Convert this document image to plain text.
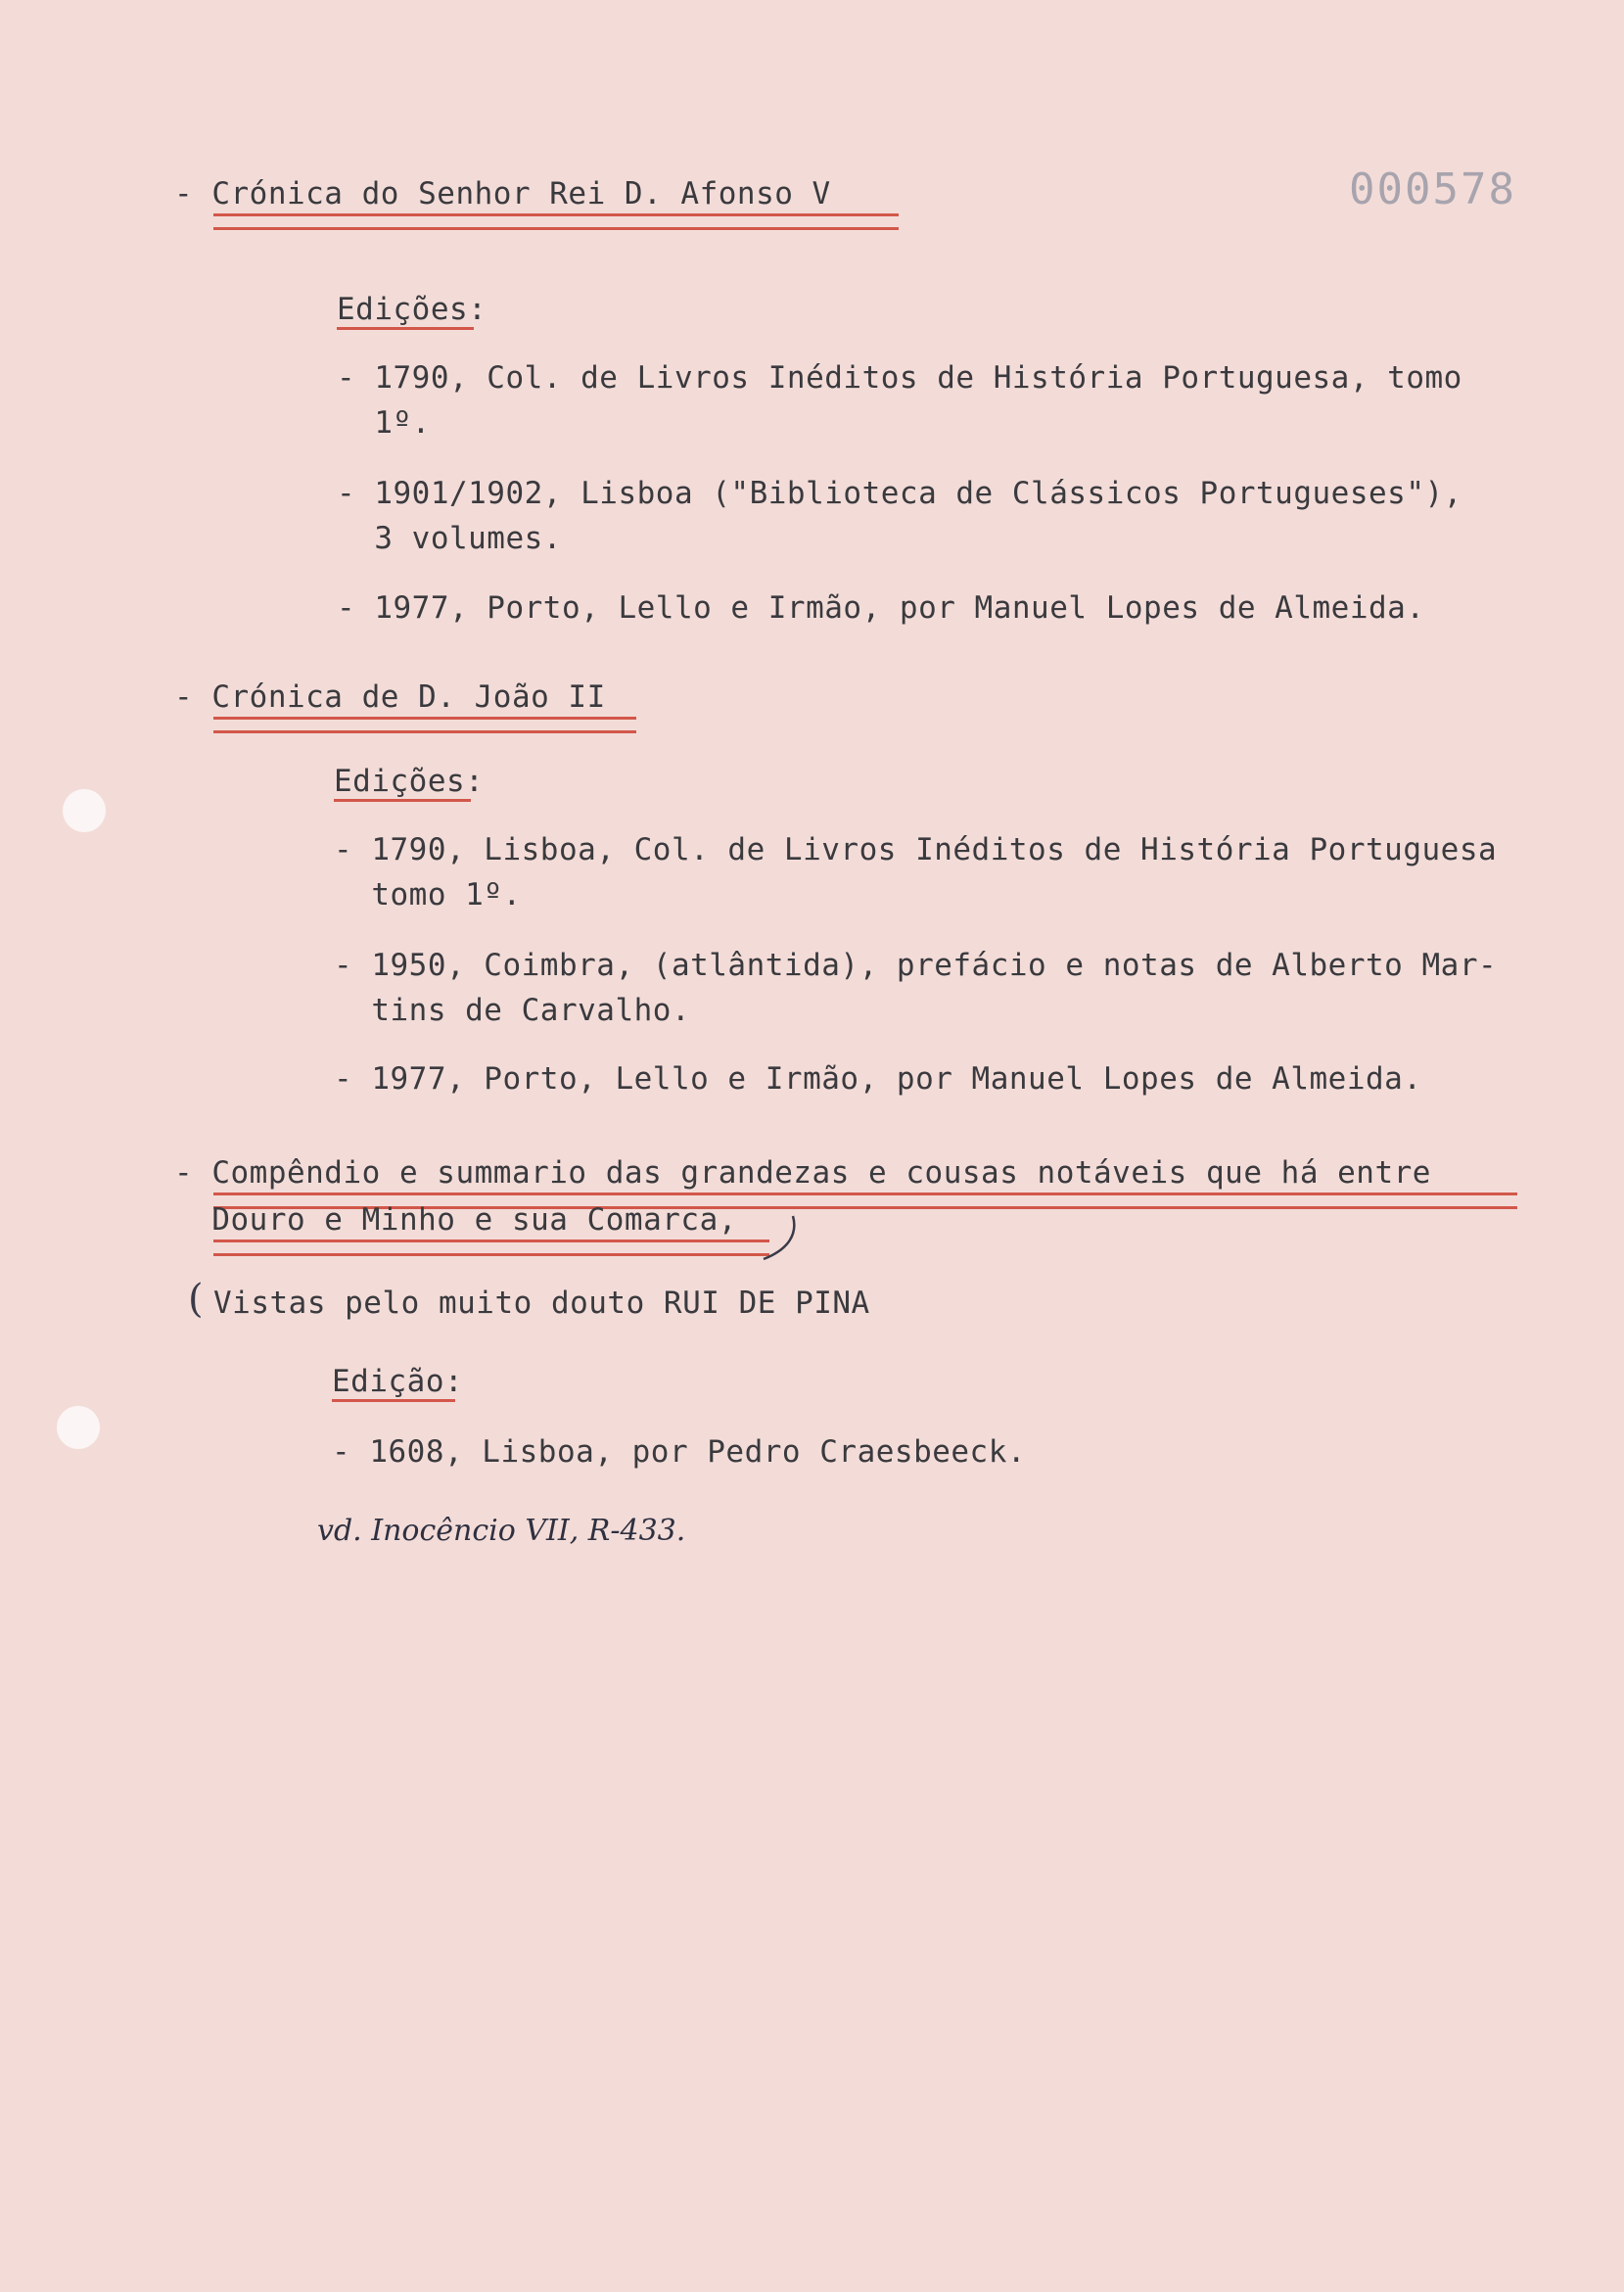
000578
- Crónica do Senhor Rei D. Afonso V
Edições:
- 1790, Col. de Livros Inéditos de História Portuguesa, tomo
1º.
- 1901/1902, Lisboa ("Biblioteca de Clássicos Portugueses"),
3 volumes.
- 1977, Porto, Lello e Irmão, por Manuel Lopes de Almeida.
- Crónica de D. João II
Edições:
- 1790, Lisboa, Col. de Livros Inéditos de História Portuguesa
tomo 1º.
- 1950, Coimbra, (atlântida), prefácio e notas de Alberto Mar-
tins de Carvalho.
- 1977, Porto, Lello e Irmão, por Manuel Lopes de Almeida.
- Compêndio e summario das grandezas e cousas notáveis que há entre
Douro e Minho e sua Comarca,
( Vistas pelo muito douto RUI DE PINA
Edição:
- 1608, Lisboa, por Pedro Craesbeeck.
vd. Inocêncio VII, R-433.
